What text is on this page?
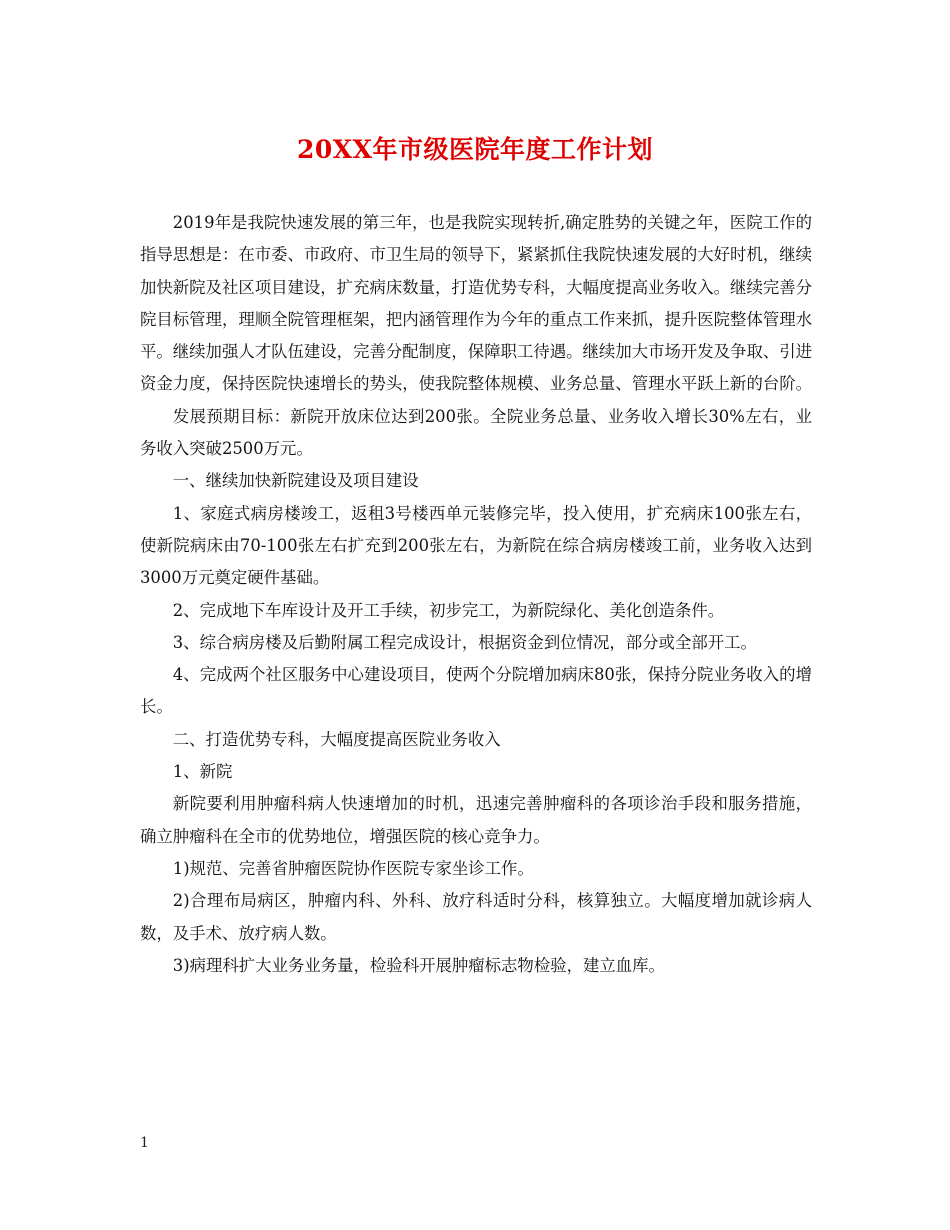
20XX年市级医院年度工作计划

2019年是我院快速发展的第三年，也是我院实现转折,确定胜势的关键之年，医院工作的指导思想是：在市委、市政府、市卫生局的领导下，紧紧抓住我院快速发展的大好时机，继续加快新院及社区项目建设，扩充病床数量，打造优势专科，大幅度提高业务收入。继续完善分院目标管理，理顺全院管理框架，把内涵管理作为今年的重点工作来抓，提升医院整体管理水平。继续加强人才队伍建设，完善分配制度，保障职工待遇。继续加大市场开发及争取、引进资金力度，保持医院快速增长的势头，使我院整体规模、业务总量、管理水平跃上新的台阶。

发展预期目标：新院开放床位达到200张。全院业务总量、业务收入增长30%左右，业务收入突破2500万元。

一、继续加快新院建设及项目建设

1、家庭式病房楼竣工，返租3号楼西单元装修完毕，投入使用，扩充病床100张左右，使新院病床由70-100张左右扩充到200张左右，为新院在综合病房楼竣工前，业务收入达到3000万元奠定硬件基础。

2、完成地下车库设计及开工手续，初步完工，为新院绿化、美化创造条件。

3、综合病房楼及后勤附属工程完成设计，根据资金到位情况，部分或全部开工。

4、完成两个社区服务中心建设项目，使两个分院增加病床80张，保持分院业务收入的增长。

二、打造优势专科，大幅度提高医院业务收入

1、新院

新院要利用肿瘤科病人快速增加的时机，迅速完善肿瘤科的各项诊治手段和服务措施，确立肿瘤科在全市的优势地位，增强医院的核心竞争力。

1)规范、完善省肿瘤医院协作医院专家坐诊工作。

2)合理布局病区，肿瘤内科、外科、放疗科适时分科，核算独立。大幅度增加就诊病人数，及手术、放疗病人数。

3)病理科扩大业务业务量，检验科开展肿瘤标志物检验，建立血库。

1
